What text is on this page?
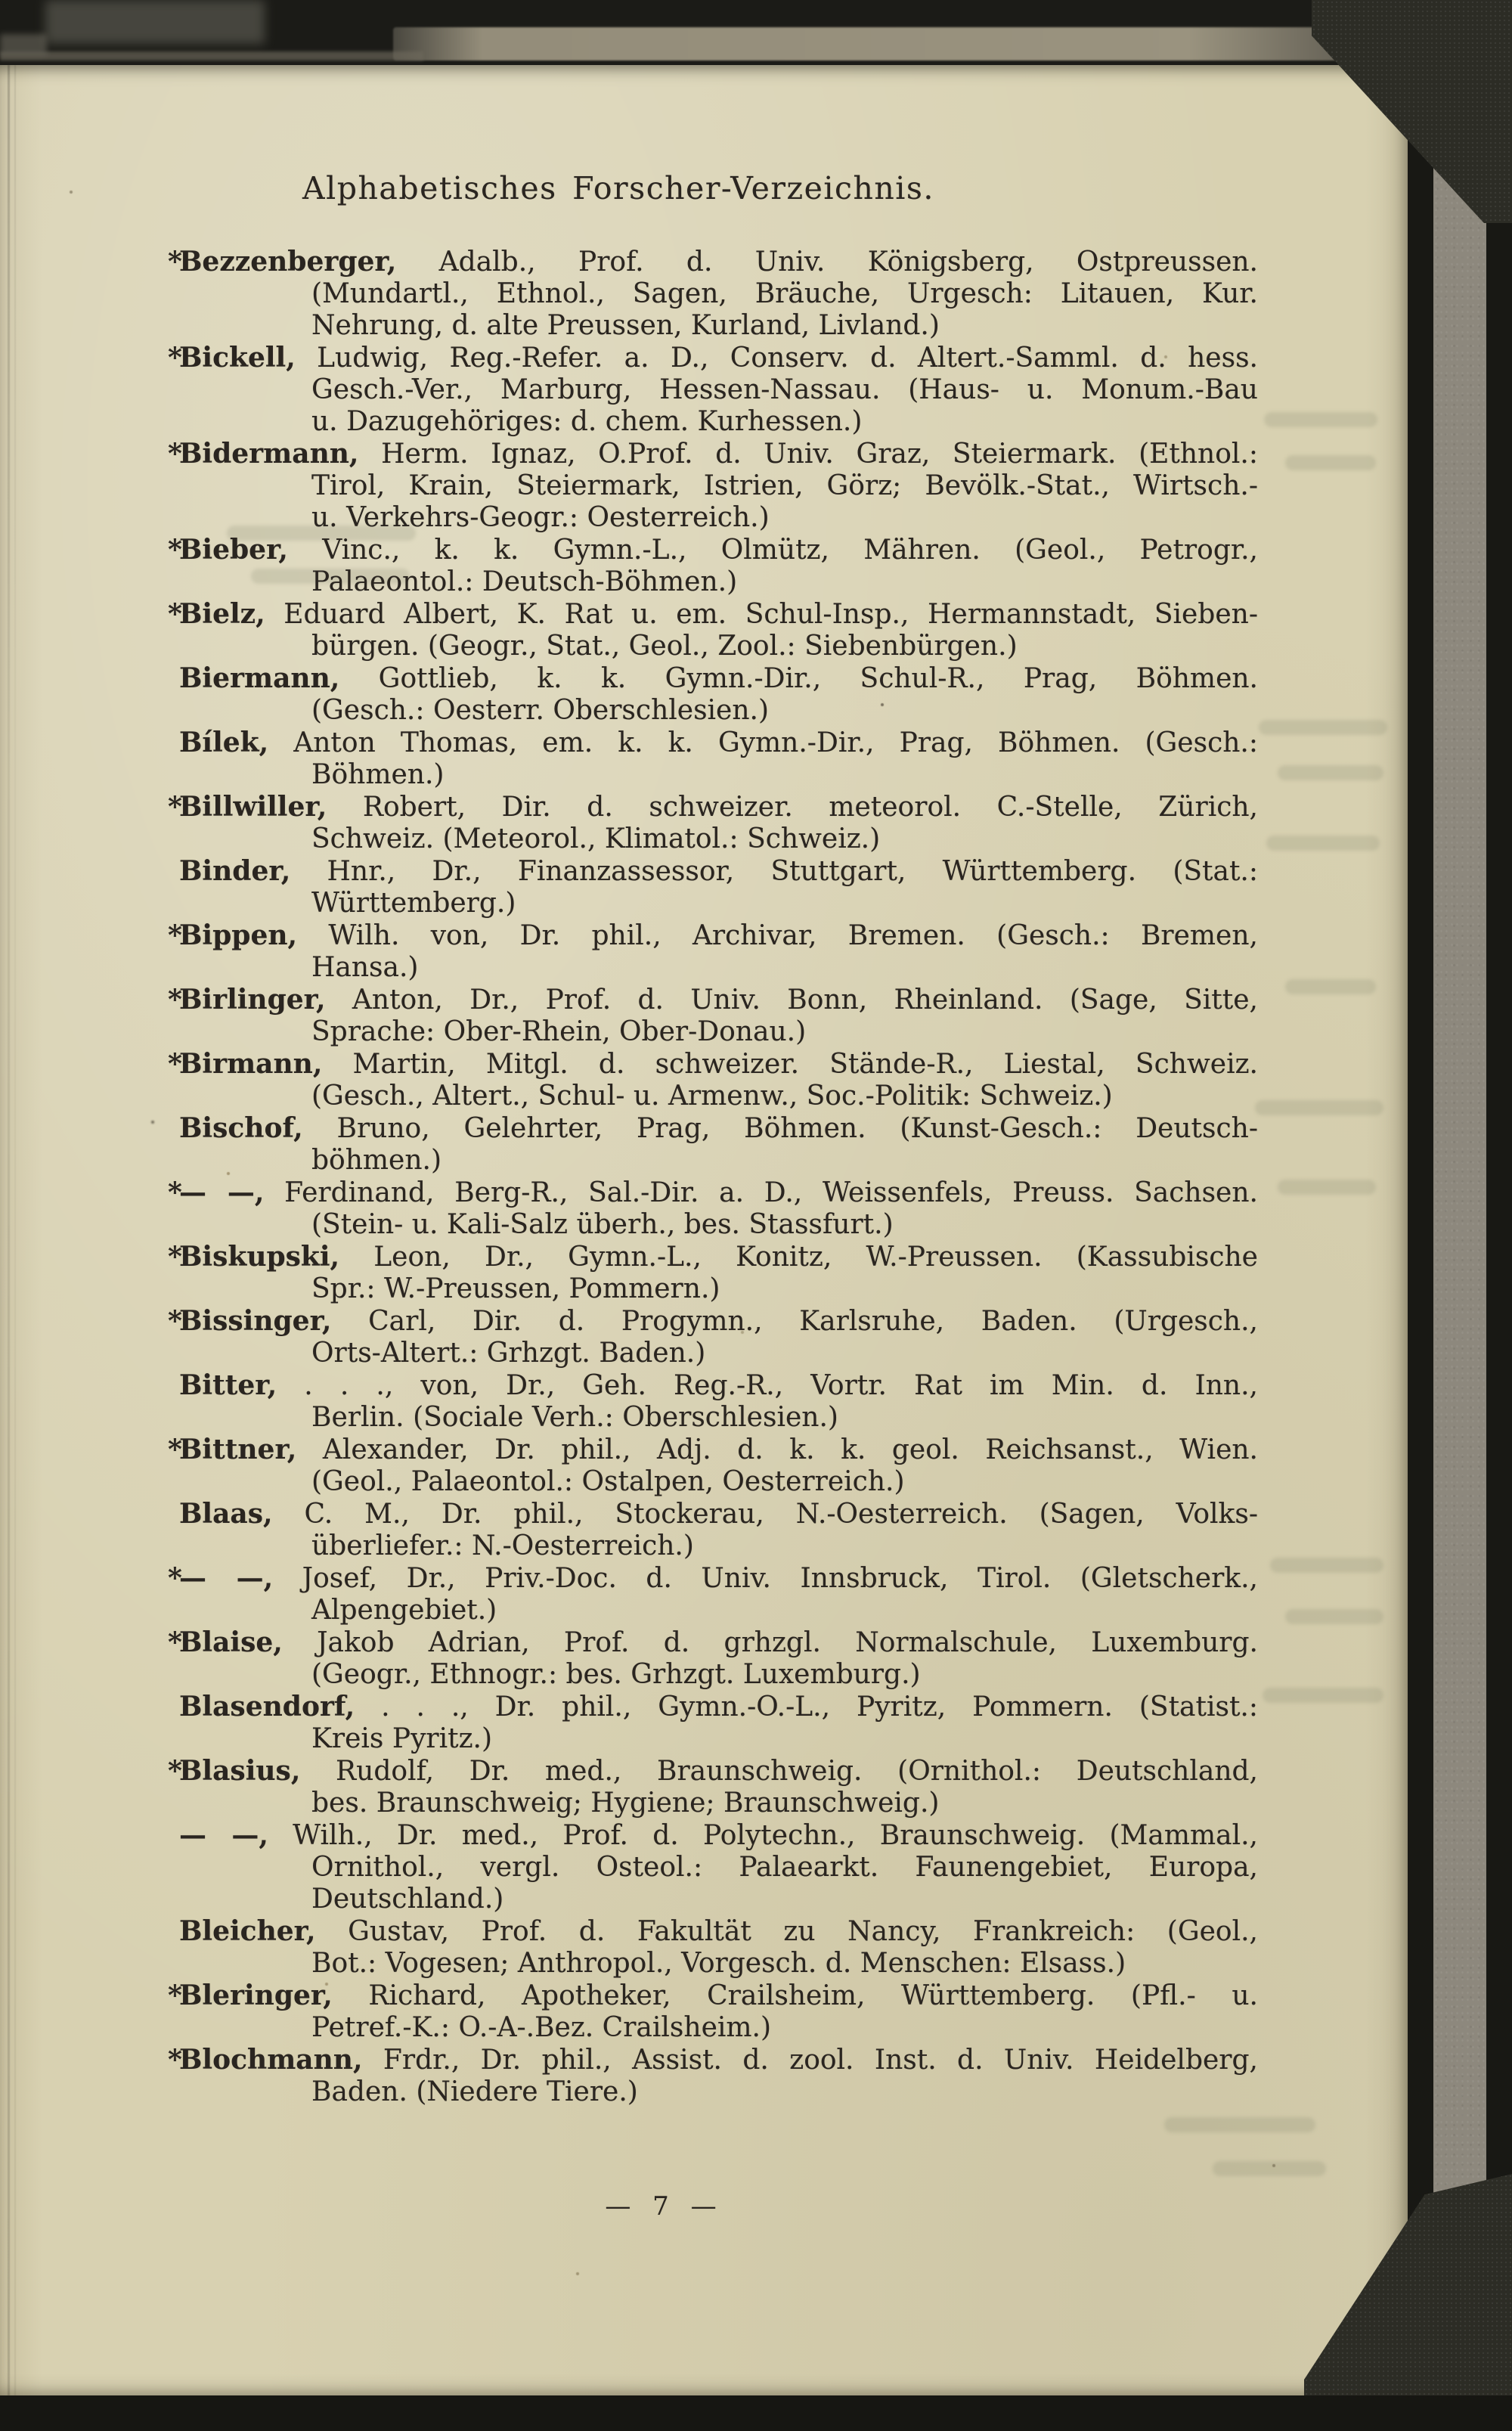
Alphabetisches Forscher-Verzeichnis.

*Bezzenberger, Adalb., Prof. d. Univ. Königsberg, Ostpreussen.
(Mundartl., Ethnol., Sagen, Bräuche, Urgesch: Litauen, Kur.
Nehrung, d. alte Preussen, Kurland, Livland.)

*Bickell, Ludwig, Reg.-Refer. a. D., Conserv. d. Altert.-Samml. d. hess.
Gesch.-Ver., Marburg, Hessen-Nassau. (Haus- u. Monum.-Bau
u. Dazugehöriges: d. chem. Kurhessen.)

*Bidermann, Herm. Ignaz, O.Prof. d. Univ. Graz, Steiermark. (Ethnol.:
Tirol, Krain, Steiermark, Istrien, Görz; Bevölk.-Stat., Wirtsch.-
u. Verkehrs-Geogr.: Oesterreich.)

*Bieber, Vinc., k. k. Gymn.-L., Olmütz, Mähren. (Geol., Petrogr.,
Palaeontol.: Deutsch-Böhmen.)

*Bielz, Eduard Albert, K. Rat u. em. Schul-Insp., Hermannstadt, Sieben-
bürgen. (Geogr., Stat., Geol., Zool.: Siebenbürgen.)

Biermann, Gottlieb, k. k. Gymn.-Dir., Schul-R., Prag, Böhmen.
(Gesch.: Oesterr. Oberschlesien.)

Bílek, Anton Thomas, em. k. k. Gymn.-Dir., Prag, Böhmen. (Gesch.:
Böhmen.)

*Billwiller, Robert, Dir. d. schweizer. meteorol. C.-Stelle, Zürich,
Schweiz. (Meteorol., Klimatol.: Schweiz.)

Binder, Hnr., Dr., Finanzassessor, Stuttgart, Württemberg. (Stat.:
Württemberg.)

*Bippen, Wilh. von, Dr. phil., Archivar, Bremen. (Gesch.: Bremen,
Hansa.)

*Birlinger, Anton, Dr., Prof. d. Univ. Bonn, Rheinland. (Sage, Sitte,
Sprache: Ober-Rhein, Ober-Donau.)

*Birmann, Martin, Mitgl. d. schweizer. Stände-R., Liestal, Schweiz.
(Gesch., Altert., Schul- u. Armenw., Soc.-Politik: Schweiz.)

Bischof, Bruno, Gelehrter, Prag, Böhmen. (Kunst-Gesch.: Deutsch-
böhmen.)

*— —, Ferdinand, Berg-R., Sal.-Dir. a. D., Weissenfels, Preuss. Sachsen.
(Stein- u. Kali-Salz überh., bes. Stassfurt.)

*Biskupski, Leon, Dr., Gymn.-L., Konitz, W.-Preussen. (Kassubische
Spr.: W.-Preussen, Pommern.)

*Bissinger, Carl, Dir. d. Progymn., Karlsruhe, Baden. (Urgesch.,
Orts-Altert.: Grhzgt. Baden.)

Bitter, . . ., von, Dr., Geh. Reg.-R., Vortr. Rat im Min. d. Inn.,
Berlin. (Sociale Verh.: Oberschlesien.)

*Bittner, Alexander, Dr. phil., Adj. d. k. k. geol. Reichsanst., Wien.
(Geol., Palaeontol.: Ostalpen, Oesterreich.)

Blaas, C. M., Dr. phil., Stockerau, N.-Oesterreich. (Sagen, Volks-
überliefer.: N.-Oesterreich.)

*— —, Josef, Dr., Priv.-Doc. d. Univ. Innsbruck, Tirol. (Gletscherk.,
Alpengebiet.)

*Blaise, Jakob Adrian, Prof. d. grhzgl. Normalschule, Luxemburg.
(Geogr., Ethnogr.: bes. Grhzgt. Luxemburg.)

Blasendorf, . . ., Dr. phil., Gymn.-O.-L., Pyritz, Pommern. (Statist.:
Kreis Pyritz.)

*Blasius, Rudolf, Dr. med., Braunschweig. (Ornithol.: Deutschland,
bes. Braunschweig; Hygiene; Braunschweig.)

— —, Wilh., Dr. med., Prof. d. Polytechn., Braunschweig. (Mammal.,
Ornithol., vergl. Osteol.: Palaearkt. Faunengebiet, Europa,
Deutschland.)

Bleicher, Gustav, Prof. d. Fakultät zu Nancy, Frankreich: (Geol.,
Bot.: Vogesen; Anthropol., Vorgesch. d. Menschen: Elsass.)

*Bleringer, Richard, Apotheker, Crailsheim, Württemberg. (Pfl.- u.
Petref.-K.: O.-A-.Bez. Crailsheim.)

*Blochmann, Frdr., Dr. phil., Assist. d. zool. Inst. d. Univ. Heidelberg,
Baden. (Niedere Tiere.)

— 7 —
